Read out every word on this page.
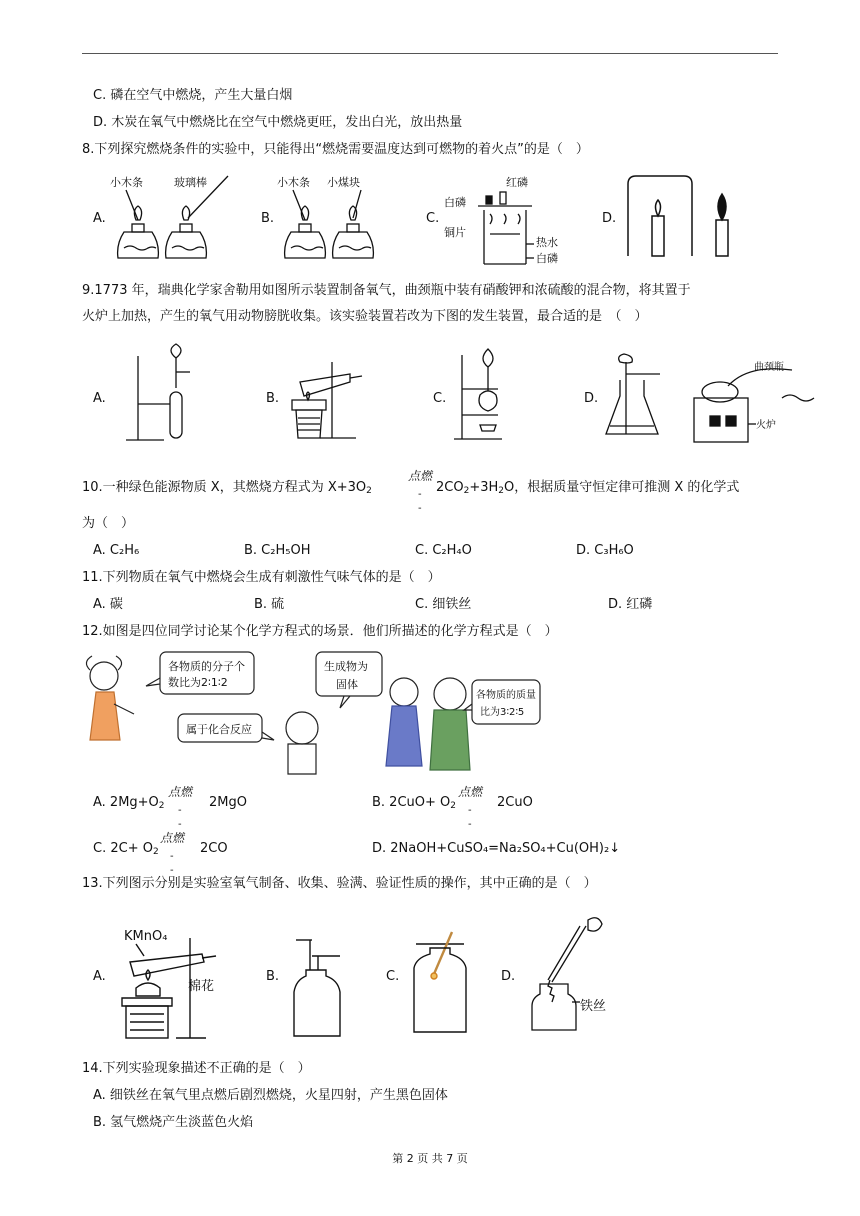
C. 磷在空气中燃烧，产生大量白烟
D. 木炭在氧气中燃烧比在空气中燃烧更旺，发出白光，放出热量
8.下列探究燃烧条件的实验中，只能得出“燃烧需要温度达到可燃物的着火点”的是（　）
A.	B.	C.	D.
小木条	玻璃棒	小木条 小煤块	红磷
白磷
铜片
热水
白磷
9.1773 年，瑞典化学家舍勒用如图所示装置制备氧气，曲颈瓶中装有硝酸钾和浓硫酸的混合物，将其置于
火炉上加热，产生的氧气用动物膀胱收集。该实验装置若改为下图的发生装置，最合适的是　（　）
A.	B.	C.	D.
曲颈瓶
火炉
10.一种绿色能源物质 X，其燃烧方程式为 $X+3O_2$
点燃
-
-
$2CO_2+3H_2O$，根据质量守恒定律可推测 X 的化学式
为（　）
A. C₂H₆	B. C₂H₅OH	C. C₂H₄O	D. C₃H₆O
11.下列物质在氧气中燃烧会生成有刺激性气味气体的是（　）
A. 碳	B. 硫	C. 细铁丝	D. 红磷
12.如图是四位同学讨论某个化学方程式的场景．他们所描述的化学方程式是（　）
各物质的分子个
数比为2∶1∶2
属于化合反应
生成物为
固体
各物质的质量
比为3∶2∶5
A. $2Mg+O_2$
点燃
-
-
2MgO	B. $2CuO+ O_2$
点燃
-
-
2CuO
C. $2C+ O_2$
点燃
-
-
2CO	D. 2NaOH+CuSO₄=Na₂SO₄+Cu(OH)₂↓
13.下列图示分别是实验室氧气制备、收集、验满、验证性质的操作，其中正确的是（　）
A.	B.	C.	D.
KMnO₄
棉花
铁丝
14.下列实验现象描述不正确的是（　）
A. 细铁丝在氧气里点燃后剧烈燃烧，火星四射，产生黑色固体
B. 氢气燃烧产生淡蓝色火焰
第 2 页 共 7 页
